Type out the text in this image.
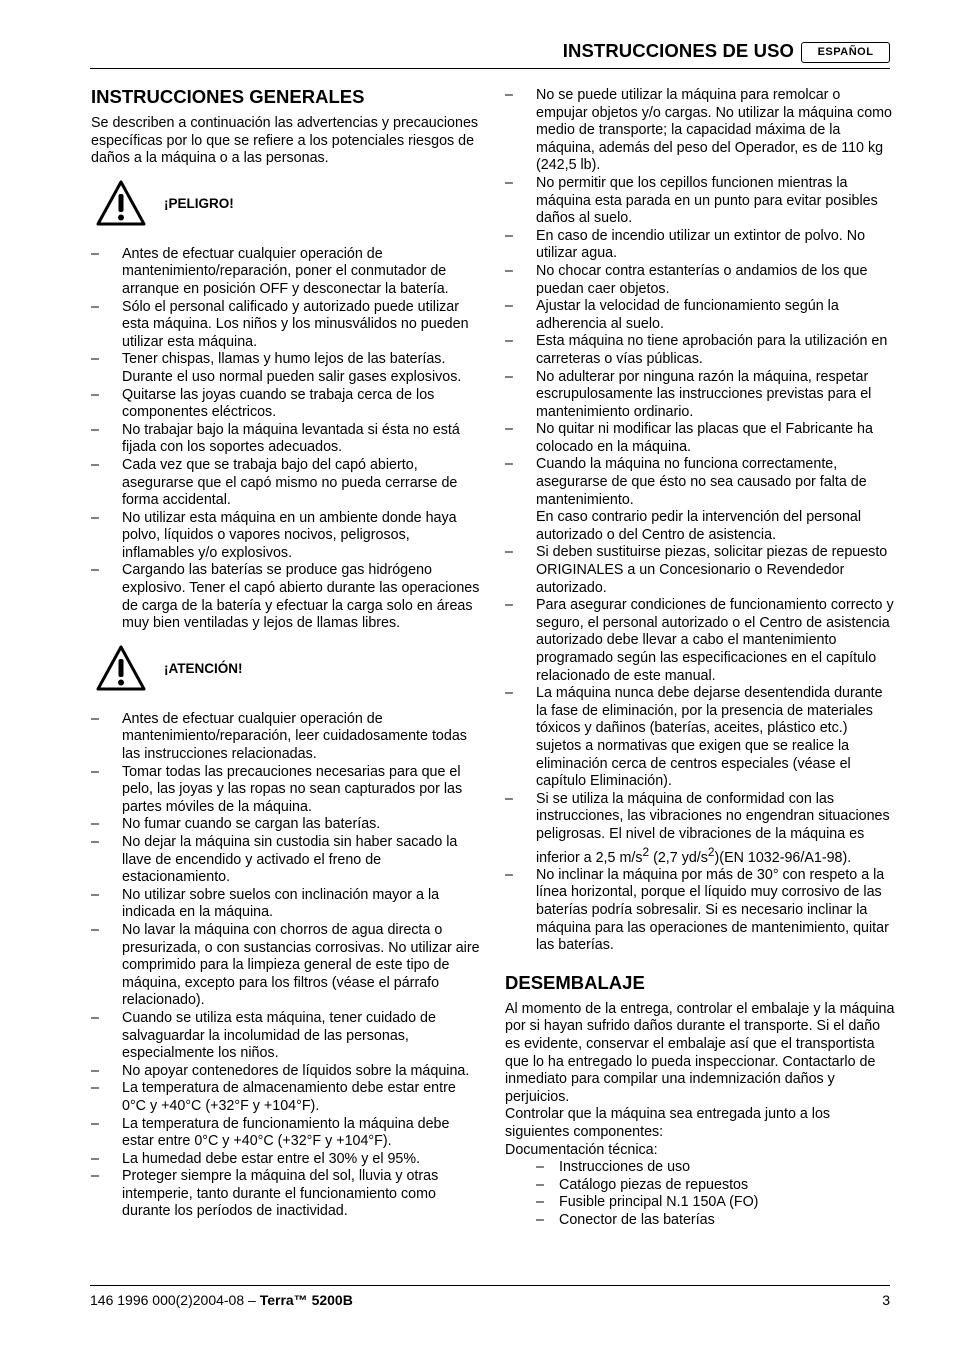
INSTRUCCIONES DE USO	ESPAÑOL
INSTRUCCIONES GENERALES

Se describen a continuación las advertencias y precauciones específicas por lo que se refiere a los potenciales riesgos de daños a la máquina o a las personas.

¡PELIGRO!
– Antes de efectuar cualquier operación de mantenimiento/reparación, poner el conmutador de arranque en posición OFF y desconectar la batería.
– Sólo el personal calificado y autorizado puede utilizar esta máquina. Los niños y los minusválidos no pueden utilizar esta máquina.
– Tener chispas, llamas y humo lejos de las baterías. Durante el uso normal pueden salir gases explosivos.
– Quitarse las joyas cuando se trabaja cerca de los componentes eléctricos.
– No trabajar bajo la máquina levantada si ésta no está fijada con los soportes adecuados.
– Cada vez que se trabaja bajo del capó abierto, asegurarse que el capó mismo no pueda cerrarse de forma accidental.
– No utilizar esta máquina en un ambiente donde haya polvo, líquidos o vapores nocivos, peligrosos, inflamables y/o explosivos.
– Cargando las baterías se produce gas hidrógeno explosivo. Tener el capó abierto durante las operaciones de carga de la batería y efectuar la carga solo en áreas muy bien ventiladas y lejos de llamas libres.
¡ATENCIÓN!
– Antes de efectuar cualquier operación de mantenimiento/reparación, leer cuidadosamente todas las instrucciones relacionadas.
– Tomar todas las precauciones necesarias para que el pelo, las joyas y las ropas no sean capturados por las partes móviles de la máquina.
– No fumar cuando se cargan las baterías.
– No dejar la máquina sin custodia sin haber sacado la llave de encendido y activado el freno de estacionamiento.
– No utilizar sobre suelos con inclinación mayor a la indicada en la máquina.
– No lavar la máquina con chorros de agua directa o presurizada, o con sustancias corrosivas. No utilizar aire comprimido para la limpieza general de este tipo de máquina, excepto para los filtros (véase el párrafo relacionado).
– Cuando se utiliza esta máquina, tener cuidado de salvaguardar la incolumidad de las personas, especialmente los niños.
– No apoyar contenedores de líquidos sobre la máquina.
– La temperatura de almacenamiento debe estar entre 0°C y +40°C (+32°F y +104°F).
– La temperatura de funcionamiento la máquina debe estar entre 0°C y +40°C (+32°F y +104°F).
– La humedad debe estar entre el 30% y el 95%.
– Proteger siempre la máquina del sol, lluvia y otras intemperie, tanto durante el funcionamiento como durante los períodos de inactividad.
– No se puede utilizar la máquina para remolcar o empujar objetos y/o cargas. No utilizar la máquina como medio de transporte; la capacidad máxima de la máquina, además del peso del Operador, es de 110 kg (242,5 lb).
– No permitir que los cepillos funcionen mientras la máquina esta parada en un punto para evitar posibles daños al suelo.
– En caso de incendio utilizar un extintor de polvo. No utilizar agua.
– No chocar contra estanterías o andamios de los que puedan caer objetos.
– Ajustar la velocidad de funcionamiento según la adherencia al suelo.
– Esta máquina no tiene aprobación para la utilización en carreteras o vías públicas.
– No adulterar por ninguna razón la máquina, respetar escrupulosamente las instrucciones previstas para el mantenimiento ordinario.
– No quitar ni modificar las placas que el Fabricante ha colocado en la máquina.
– Cuando la máquina no funciona correctamente, asegurarse de que ésto no sea causado por falta de mantenimiento.
En caso contrario pedir la intervención del personal autorizado o del Centro de asistencia.
– Si deben sustituirse piezas, solicitar piezas de repuesto ORIGINALES a un Concesionario o Revendedor autorizado.
– Para asegurar condiciones de funcionamiento correcto y seguro, el personal autorizado o el Centro de asistencia autorizado debe llevar a cabo el mantenimiento programado según las especificaciones en el capítulo relacionado de este manual.
– La máquina nunca debe dejarse desentendida durante la fase de eliminación, por la presencia de materiales tóxicos y dañinos (baterías, aceites, plástico etc.) sujetos a normativas que exigen que se realice la eliminación cerca de centros especiales (véase el capítulo Eliminación).
– Si se utiliza la máquina de conformidad con las instrucciones, las vibraciones no engendran situaciones peligrosas. El nivel de vibraciones de la máquina es inferior a 2,5 $m/s^2$ (2,7 $yd/s^2)(EN$ 1032-96/A1-98).
– No inclinar la máquina por más de 30° con respeto a la línea horizontal, porque el líquido muy corrosivo de las baterías podría sobresalir. Si es necesario inclinar la máquina para las operaciones de mantenimiento, quitar las baterías.
DESEMBALAJE
Al momento de la entrega, controlar el embalaje y la máquina por si hayan sufrido daños durante el transporte. Si el daño es evidente, conservar el embalaje así que el transportista que lo ha entregado lo pueda inspeccionar. Contactarlo de inmediato para compilar una indemnización daños y perjuicios.
Controlar que la máquina sea entregada junto a los siguientes componentes:
Documentación técnica:
– Instrucciones de uso
– Catálogo piezas de repuestos
– Fusible principal N.1 150A (FO)
– Conector de las baterías
146 1996 000(2)2004-08 – Terra™ 5200B	3
